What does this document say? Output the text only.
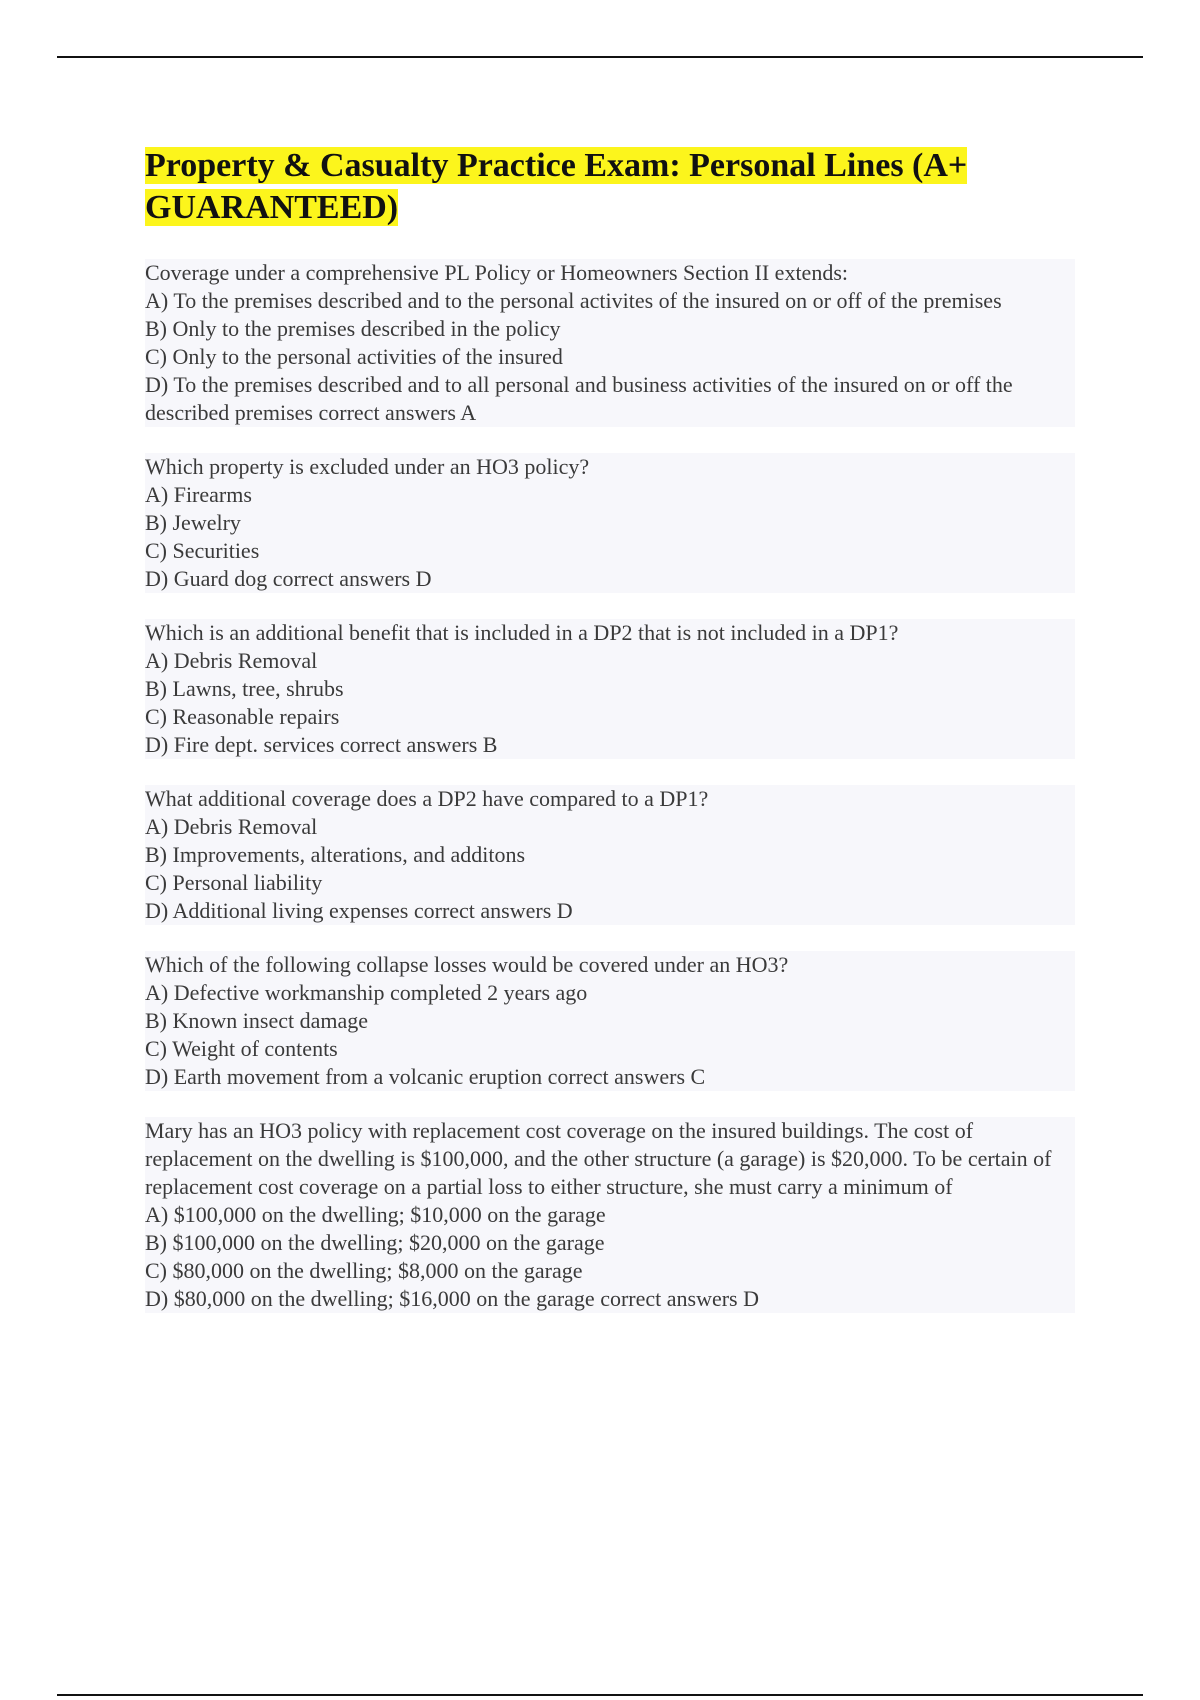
Property & Casualty Practice Exam: Personal Lines (A+ GUARANTEED)
Coverage under a comprehensive PL Policy or Homeowners Section II extends:
A) To the premises described and to the personal activites of the insured on or off of the premises
B) Only to the premises described in the policy
C) Only to the personal activities of the insured
D) To the premises described and to all personal and business activities of the insured on or off the described premises correct answers A
Which property is excluded under an HO3 policy?
A) Firearms
B) Jewelry
C) Securities
D) Guard dog correct answers D
Which is an additional benefit that is included in a DP2 that is not included in a DP1?
A) Debris Removal
B) Lawns, tree, shrubs
C) Reasonable repairs
D) Fire dept. services correct answers B
What additional coverage does a DP2 have compared to a DP1?
A) Debris Removal
B) Improvements, alterations, and additons
C) Personal liability
D) Additional living expenses correct answers D
Which of the following collapse losses would be covered under an HO3?
A) Defective workmanship completed 2 years ago
B) Known insect damage
C) Weight of contents
D) Earth movement from a volcanic eruption correct answers C
Mary has an HO3 policy with replacement cost coverage on the insured buildings. The cost of replacement on the dwelling is $100,000, and the other structure (a garage) is $20,000. To be certain of replacement cost coverage on a partial loss to either structure, she must carry a minimum of
A) $100,000 on the dwelling; $10,000 on the garage
B) $100,000 on the dwelling; $20,000 on the garage
C) $80,000 on the dwelling; $8,000 on the garage
D) $80,000 on the dwelling; $16,000 on the garage correct answers D
